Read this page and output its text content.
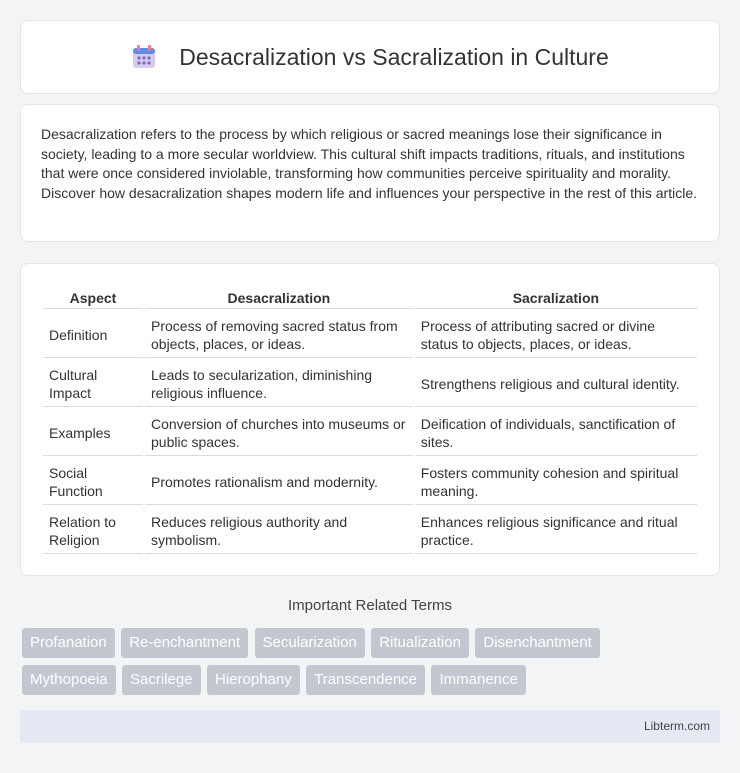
Desacralization vs Sacralization in Culture

Desacralization refers to the process by which religious or sacred meanings lose their significance in society, leading to a more secular worldview. This cultural shift impacts traditions, rituals, and institutions that were once considered inviolable, transforming how communities perceive spirituality and morality. Discover how desacralization shapes modern life and influences your perspective in the rest of this article.

Aspect	Desacralization	Sacralization
Definition	Process of removing sacred status from objects, places, or ideas.	Process of attributing sacred or divine status to objects, places, or ideas.
Cultural Impact	Leads to secularization, diminishing religious influence.	Strengthens religious and cultural identity.
Examples	Conversion of churches into museums or public spaces.	Deification of individuals, sanctification of sites.
Social Function	Promotes rationalism and modernity.	Fosters community cohesion and spiritual meaning.
Relation to Religion	Reduces religious authority and symbolism.	Enhances religious significance and ritual practice.
Important Related Terms
Profanation Re-enchantment Secularization Ritualization Disenchantment
Mythopoeia Sacrilege Hierophany Transcendence Immanence
Libterm.com
